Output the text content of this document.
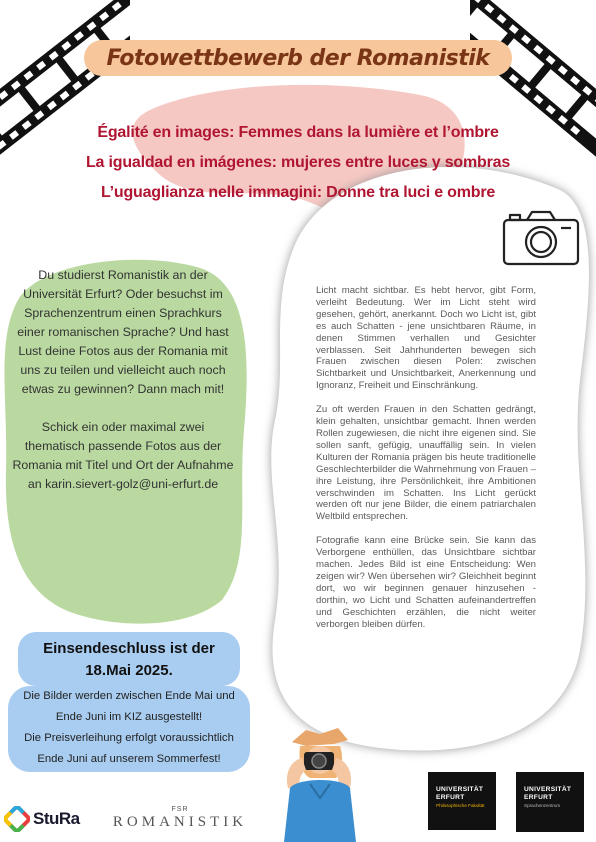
Fotowettbewerb der Romanistik
Égalité en images: Femmes dans la lumière et l’ombre
La igualdad en imágenes: mujeres entre luces y sombras
L’uguaglianza nelle immagini: Donne tra luci e ombre

Du studierst Romanistik an der Universität Erfurt? Oder besuchst im Sprachenzentrum einen Sprachkurs einer romanischen Sprache? Und hast Lust deine Fotos aus der Romania mit uns zu teilen und vielleicht auch noch etwas zu gewinnen? Dann mach mit!

Schick ein oder maximal zwei thematisch passende Fotos aus der Romania mit Titel und Ort der Aufnahme an karin.sievert-golz@uni-erfurt.de

Licht macht sichtbar. Es hebt hervor, gibt Form, verleiht Bedeutung. Wer im Licht steht wird gesehen, gehört, anerkannt. Doch wo Licht ist, gibt es auch Schatten - jene unsichtbaren Räume, in denen Stimmen verhallen und Gesichter verblassen. Seit Jahrhunderten bewegen sich Frauen zwischen diesen Polen: zwischen Sichtbarkeit und Unsichtbarkeit, Anerkennung und Ignoranz, Freiheit und Einschränkung.

Zu oft werden Frauen in den Schatten gedrängt, klein gehalten, unsichtbar gemacht. Ihnen werden Rollen zugewiesen, die nicht ihre eigenen sind. Sie sollen sanft, gefügig, unauffällig sein. In vielen Kulturen der Romania prägen bis heute traditionelle Geschlechterbilder die Wahrnehmung von Frauen – ihre Leistung, ihre Persönlichkeit, ihre Ambitionen verschwinden im Schatten. Ins Licht gerückt werden oft nur jene Bilder, die einem patriarchalen Weltbild entsprechen.

Fotografie kann eine Brücke sein. Sie kann das Verborgene enthüllen, das Unsichtbare sichtbar machen. Jedes Bild ist eine Entscheidung: Wen zeigen wir? Wen übersehen wir? Gleichheit beginnt dort, wo wir beginnen genauer hinzusehen - dorthin, wo Licht und Schatten aufeinandertreffen und Geschichten erzählen, die nicht weiter verborgen bleiben dürfen.

Einsendeschluss ist der
18.Mai 2025.
Die Bilder werden zwischen Ende Mai und
Ende Juni im KIZ ausgestellt!
Die Preisverleihung erfolgt voraussichtlich
Ende Juni auf unserem Sommerfest!
StuRa	FSR
ROMANISTIK
UNIVERSITÄT
ERFURT
Philosophische Fakultät
UNIVERSITÄT
ERFURT
Sprachenzentrum
